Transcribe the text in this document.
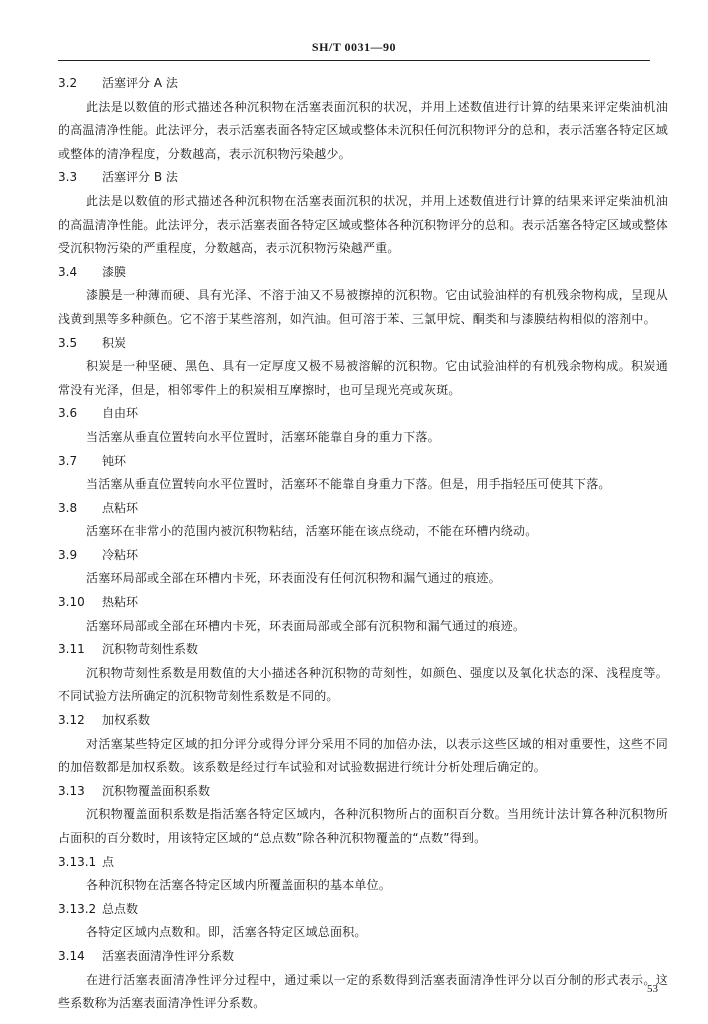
SH/T 0031—90
3.2 活塞评分 A 法
此法是以数值的形式描述各种沉积物在活塞表面沉积的状况，并用上述数值进行计算的结果来评定柴油机油的高温清净性能。此法评分，表示活塞表面各特定区域或整体未沉积任何沉积物评分的总和，表示活塞各特定区域或整体的清净程度，分数越高，表示沉积物污染越少。
3.3 活塞评分 B 法
此法是以数值的形式描述各种沉积物在活塞表面沉积的状况，并用上述数值进行计算的结果来评定柴油机油的高温清净性能。此法评分，表示活塞表面各特定区域或整体各种沉积物评分的总和。表示活塞各特定区域或整体受沉积物污染的严重程度，分数越高，表示沉积物污染越严重。
3.4 漆膜
漆膜是一种薄而硬、具有光泽、不溶于油又不易被擦掉的沉积物。它由试验油样的有机残余物构成，呈现从浅黄到黑等多种颜色。它不溶于某些溶剂，如汽油。但可溶于苯、三氯甲烷、酮类和与漆膜结构相似的溶剂中。
3.5 积炭
积炭是一种坚硬、黑色、具有一定厚度又极不易被溶解的沉积物。它由试验油样的有机残余物构成。积炭通常没有光泽，但是，相邻零件上的积炭相互摩擦时，也可呈现光亮或灰斑。
3.6 自由环
当活塞从垂直位置转向水平位置时，活塞环能靠自身的重力下落。
3.7 钝环
当活塞从垂直位置转向水平位置时，活塞环不能靠自身重力下落。但是，用手指轻压可使其下落。
3.8 点粘环
活塞环在非常小的范围内被沉积物粘结，活塞环能在该点绕动，不能在环槽内绕动。
3.9 冷粘环
活塞环局部或全部在环槽内卡死，环表面没有任何沉积物和漏气通过的痕迹。
3.10 热粘环
活塞环局部或全部在环槽内卡死，环表面局部或全部有沉积物和漏气通过的痕迹。
3.11 沉积物苛刻性系数
沉积物苛刻性系数是用数值的大小描述各种沉积物的苛刻性，如颜色、强度以及氧化状态的深、浅程度等。不同试验方法所确定的沉积物苛刻性系数是不同的。
3.12 加权系数
对活塞某些特定区域的扣分评分或得分评分采用不同的加倍办法，以表示这些区域的相对重要性，这些不同的加倍数都是加权系数。该系数是经过行车试验和对试验数据进行统计分析处理后确定的。
3.13 沉积物覆盖面积系数
沉积物覆盖面积系数是指活塞各特定区域内，各种沉积物所占的面积百分数。当用统计法计算各种沉积物所占面积的百分数时，用该特定区域的“总点数”除各种沉积物覆盖的“点数”得到。
3.13.1 点
各种沉积物在活塞各特定区域内所覆盖面积的基本单位。
3.13.2 总点数
各特定区域内点数和。即，活塞各特定区域总面积。
3.14 活塞表面清净性评分系数
在进行活塞表面清净性评分过程中，通过乘以一定的系数得到活塞表面清净性评分以百分制的形式表示。这些系数称为活塞表面清净性评分系数。
53
